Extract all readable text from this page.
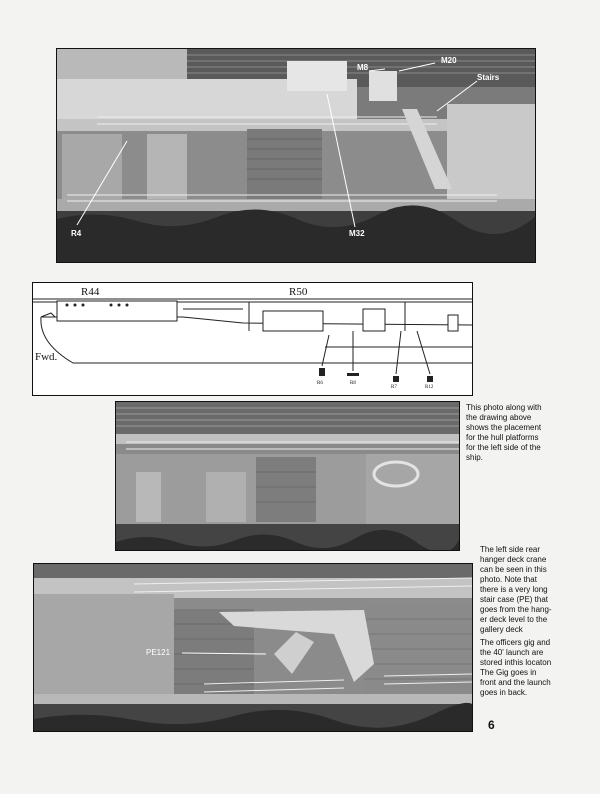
M8
M20
Stairs
R4	M32
R44	R50
Fwd.
R6	R8
R7	R12
This photo along with
the drawing above
shows the placement
for the hull platforms
for the left side of the
ship.
PE121
The left side rear
hanger deck crane
can be seen in this
photo. Note that
there is a very long
stair case (PE) that
goes from the hang-
er deck level to the
gallery deck
The officers gig and
the 40' launch are
stored inthis locaton
The Gig goes in
front and the launch
goes in back.
6
